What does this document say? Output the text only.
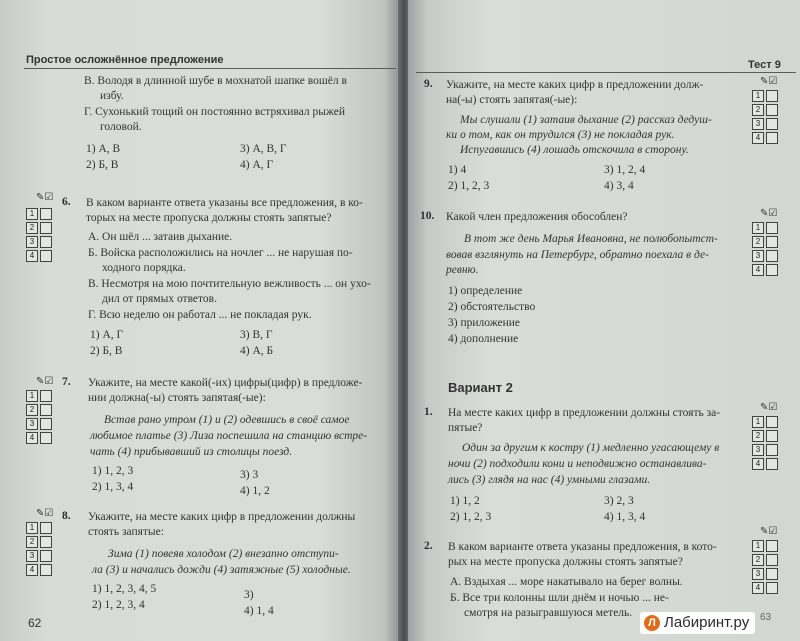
Простое осложнённое предложение
В. Володя в длинной шубе в мохнатой шапке вошёл в
избу.
Г. Сухонький тощий он постоянно встряхивал рыжей
головой.
1) А, В
2) Б, В
3) А, В, Г
4) А, Г
✎☑
1
2
3
4
6. В каком варианте ответа указаны все предложения, в ко-
торых на месте пропуска должны стоять запятые?
А. Он шёл ... затаив дыхание.
Б. Войска расположились на ночлег ... не нарушая по-
ходного порядка.
В. Несмотря на мою почтительную вежливость ... он ухо-
дил от прямых ответов.
Г. Всю неделю он работал ... не покладая рук.
1) А, Г
2) Б, В
3) В, Г
4) А, Б
✎☑
1
2
3
4
7. Укажите, на месте какой(-их) цифры(цифр) в предложе-
нии должна(-ы) стоять запятая(-ые):
Встав рано утром (1) и (2) одевшись в своё самое
любимое платье (3) Лиза поспешила на станцию встре-
чать (4) прибывавший из столицы поезд.
1) 1, 2, 3
2) 1, 3, 4
3) 3
4) 1, 2
✎☑
1
2
3
4
8. Укажите, на месте каких цифр в предложении должны
стоять запятые:
Зима (1) повеяв холодом (2) внезапно отступи-
ла (3) и начались дожди (4) затяжные (5) холодные.
1) 1, 2, 3, 4, 5
2) 1, 2, 3, 4
3)
4) 1, 4
62
Тест 9
✎☑
1
2
3
4
9. Укажите, на месте каких цифр в предложении долж-
на(-ы) стоять запятая(-ые):
Мы слушали (1) затаив дыхание (2) рассказ дедуш-
ки о том, как он трудился (3) не покладая рук.
Испугавшись (4) лошадь отскочила в сторону.
1) 4
2) 1, 2, 3
3) 1, 2, 4
4) 3, 4
✎☑
1
2
3
4
10. Какой член предложения обособлен?
В тот же день Марья Ивановна, не полюбопытст-
вовав взглянуть на Петербург, обратно поехала в де-
ревню.
1) определение
2) обстоятельство
3) приложение
4) дополнение
Вариант 2
✎☑
1
2
3
4
1. На месте каких цифр в предложении должны стоять за-
пятые?
Один за другим к костру (1) медленно угасающему в
ночи (2) подходили кони и неподвижно останавлива-
лись (3) глядя на нас (4) умными глазами.
1) 1, 2
2) 1, 2, 3
3) 2, 3
4) 1, 3, 4
✎☑
1
2
3
4
2. В каком варианте ответа указаны предложения, в кото-
рых на месте пропуска должны стоять запятые?
А. Вздыхая ... море накатывало на берег волны.
Б. Все три колонны шли днём и ночью ... не-
смотря на разыгравшуюся метель.	63
Л Лабиринт.ру
